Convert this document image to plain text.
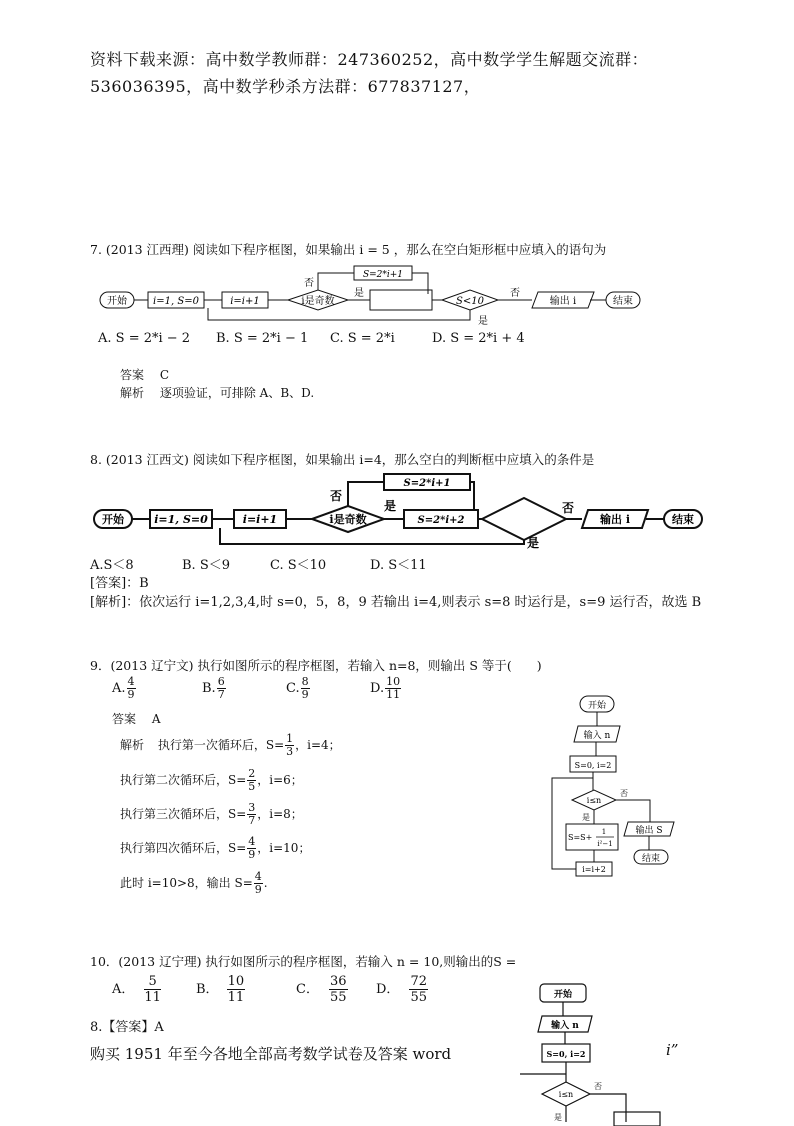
资料下载来源：高中数学教师群：247360252，高中数学学生解题交流群：
536036395，高中数学秒杀方法群：677837127，
7. (2013 江西理) 阅读如下程序框图，如果输出 i = 5 ，那么在空白矩形框中应填入的语句为
开始	i=1, S=0	i=i+1	i是奇数
S=2*i+1
否
是
S<10
否
是
输出 i	结束
A. S = 2*i − 2 B. S = 2*i − 1 C. S = 2*i	D. S = 2*i + 4
答案 C
解析 逐项验证，可排除 A、B、D.
8. (2013 江西文) 阅读如下程序框图，如果输出 i=4，那么空白的判断框中应填入的条件是
开始	i=1, S=0	i=i+1	i是奇数
S=2*i+1
S=2*i+2
否
是	否
是
输出 i	结束
A.S＜8	B. S＜9	C. S＜10	D. S＜11
[答案]：B
[解析]：依次运行 i=1,2,3,4,时 s=0，5，8，9 若输出 i=4,则表示 s=8 时运行是，s=9 运行否，故选 B
9．(2013 辽宁文) 执行如图所示的程序框图，若输入 n=8，则输出 S 等于(　　)
A. $\frac{4}{9}$	B. $\frac{6}{7}$	C. $\frac{8}{9}$	D. $\frac{10}{11}$
答案 A
解析 执行第一次循环后，$S= \frac{1}{3}$ ，i=4；
执行第二次循环后，$S= \frac{2}{5}$ ，i=6；
执行第三次循环后，$S= \frac{3}{7}$ ，i=8；
执行第四次循环后，$S= \frac{4}{9}$ ，i=10；
此时 i=10>8，输出 $S= \frac{4}{9}$ .
开始
输入 n
S=0, i=2
i≤n
否
是
S=S+
1
i²−1
i=i+2
输出 S
结束
10．(2013 辽宁理) 执行如图所示的程序框图，若输入 n = 10,则输出的S =
A． $\frac{5}{11}$	B． $\frac{10}{11}$	C． $\frac{36}{55}$ D． $\frac{72}{55}$
8.【答案】A
开始
输入 n
S=0, i=2
i≤n
否
是
购买 1951 年至今各地全部高考数学试卷及答案 word	i”
